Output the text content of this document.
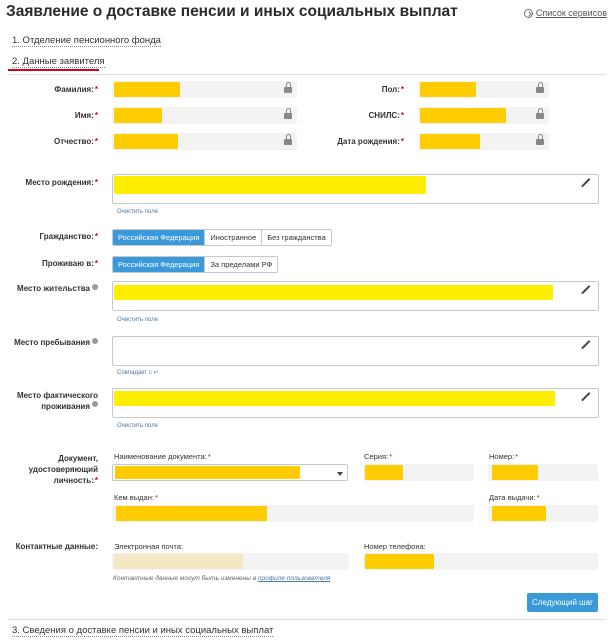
Заявление о доставке пенсии и иных социальных выплат	Список сервисов
1. Отделение пенсионного фонда
2. Данные заявителя
Фамилия:*	Пол:*
Имя:*	СНИЛС:*
Отчество:*	Дата рождения:*
Место рождения:*
Очистить поле
Гражданство:*	Российская Федерация	Иностранное	Без гражданства
Проживаю в:*	Российская Федерация	За пределами РФ
Место жительства
Очистить поле
Место пребывания
Совпадает с ↵
Место фактического
проживания
Очистить поле
Документ,
удостоверяющий
личность:*
Наименование документа:*	Серия:*	Номер:*
Кем выдан:*	Дата выдачи:*
Контактные данные: Электронная почта:	Номер телефона:
Контактные данные могут быть изменены в профиле пользователя
Следующий шаг
3. Сведения о доставке пенсии и иных социальных выплат
